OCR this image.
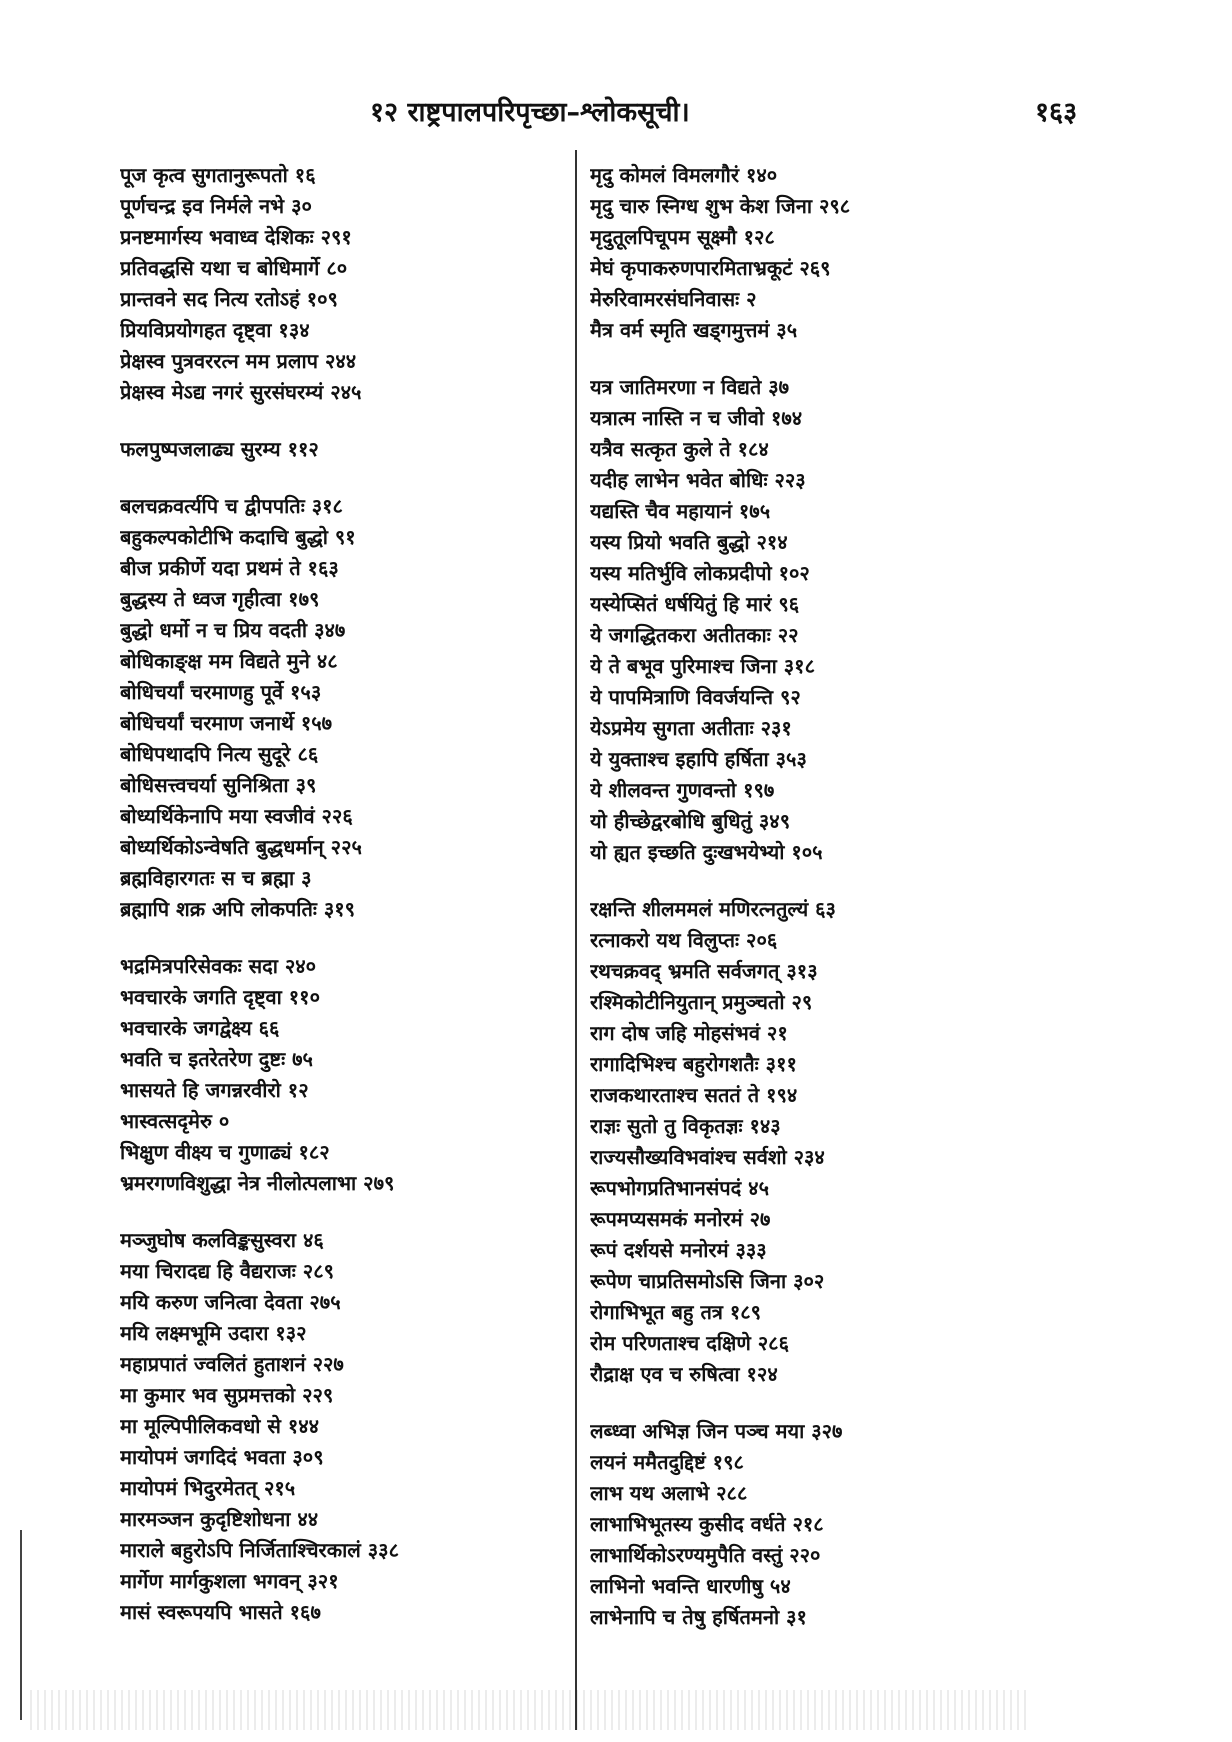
१२ राष्ट्रपालपरिपृच्छा–श्लोकसूची।	१६३
पूज कृत्व सुगतानुरूपतो १६
पूर्णचन्द्र इव निर्मले नभे ३०
प्रनष्टमार्गस्य भवाध्व देशिकः २९१
प्रतिवद्धसि यथा च बोधिमार्गे ८०
प्रान्तवने सद नित्य रतोऽहं १०९
प्रियविप्रयोगहत दृष्ट्वा १३४
प्रेक्षस्व पुत्रवररत्न मम प्रलाप २४४
प्रेक्षस्व मेऽद्य नगरं सुरसंघरम्यं २४५
फलपुष्पजलाढ्य सुरम्य ११२
बलचक्रवर्त्यपि च द्वीपपतिः ३१८
बहुकल्पकोटीभि कदाचि बुद्धो ९१
बीज प्रकीर्णे यदा प्रथमं ते १६३
बुद्धस्य ते ध्वज गृहीत्वा १७९
बुद्धो धर्मो न च प्रिय वदती ३४७
बोधिकाङ्क्ष मम विद्यते मुने ४८
बोधिचर्यां चरमाणहु पूर्वे १५३
बोधिचर्यां चरमाण जनार्थे १५७
बोधिपथादपि नित्य सुदूरे ८६
बोधिसत्त्वचर्या सुनिश्रिता ३९
बोध्यर्थिकेनापि मया स्वजीवं २२६
बोध्यर्थिकोऽन्वेषति बुद्धधर्मान् २२५
ब्रह्मविहारगतः स च ब्रह्मा ३
ब्रह्मापि शक्र अपि लोकपतिः ३१९
भद्रमित्रपरिसेवकः सदा २४०
भवचारके जगति दृष्ट्वा ११०
भवचारके जगद्वेक्ष्य ६६
भवति च इतरेतरेण दुष्टः ७५
भासयते हि जगन्नरवीरो १२
भास्वत्सदृमेरु ०
भिक्षुण वीक्ष्य च गुणाढ्यं १८२
भ्रमरगणविशुद्धा नेत्र नीलोत्पलाभा २७९
मञ्जुघोष कलविङ्कसुस्वरा ४६
मया चिरादद्य हि वैद्यराजः २८९
मयि करुण जनित्वा देवता २७५
मयि लक्ष्मभूमि उदारा १३२
महाप्रपातं ज्वलितं हुताशनं २२७
मा कुमार भव सुप्रमत्तको २२९
मा मूल्पिपीलिकवधो से १४४
मायोपमं जगदिदं भवता ३०९
मायोपमं भिदुरमेतत् २१५
मारमञ्जन कुदृष्टिशोधना ४४
माराले बहुरोऽपि निर्जिताश्चिरकालं ३३८
मार्गेण मार्गकुशला भगवन् ३२१
मासं स्वरूपयपि भासते १६७
मृदु कोमलं विमलगौरं १४०
मृदु चारु स्निग्ध शुभ केश जिना २९८
मृदुतूलपिचूपम सूक्ष्मौ १२८
मेघं कृपाकरुणपारमिताभ्रकूटं २६९
मेरुरिवामरसंघनिवासः २
मैत्र वर्म स्मृति खड्गमुत्तमं ३५
यत्र जातिमरणा न विद्यते ३७
यत्रात्म नास्ति न च जीवो १७४
यत्रैव सत्कृत कुले ते १८४
यदीह लाभेन भवेत बोधिः २२३
यद्यस्ति चैव महायानं १७५
यस्य प्रियो भवति बुद्धो २१४
यस्य मतिर्भुवि लोकप्रदीपो १०२
यस्येप्सितं धर्षयितुं हि मारं ९६
ये जगद्धितकरा अतीतकाः २२
ये ते बभूव पुरिमाश्च जिना ३१८
ये पापमित्राणि विवर्जयन्ति ९२
येऽप्रमेय सुगता अतीताः २३१
ये युक्ताश्च इहापि हर्षिता ३५३
ये शीलवन्त गुणवन्तो १९७
यो हीच्छेद्वरबोधि बुधितुं ३४९
यो ह्यत इच्छति दुःखभयेभ्यो १०५
रक्षन्ति शीलममलं मणिरत्नतुल्यं ६३
रत्नाकरो यथ विलुप्तः २०६
रथचक्रवद् भ्रमति सर्वजगत् ३१३
रश्मिकोटीनियुतान् प्रमुञ्चतो २९
राग दोष जहि मोहसंभवं २१
रागादिभिश्च बहुरोगशतैः ३११
राजकथारताश्च सततं ते १९४
राज्ञः सुतो तु विकृतज्ञः १४३
राज्यसौख्यविभवांश्च सर्वशो २३४
रूपभोगप्रतिभानसंपदं ४५
रूपमप्यसमकं मनोरमं २७
रूपं दर्शयसे मनोरमं ३३३
रूपेण चाप्रतिसमोऽसि जिना ३०२
रोगाभिभूत बहु तत्र १८९
रोम परिणताश्च दक्षिणे २८६
रौद्राक्ष एव च रुषित्वा १२४
लब्ध्वा अभिज्ञ जिन पञ्च मया ३२७
लयनं ममैतदुद्दिष्टं १९८
लाभ यथ अलाभे २८८
लाभाभिभूतस्य कुसीद वर्धते २१८
लाभार्थिकोऽरण्यमुपैति वस्तुं २२०
लाभिनो भवन्ति धारणीषु ५४
लाभेनापि च तेषु हर्षितमनो ३१
